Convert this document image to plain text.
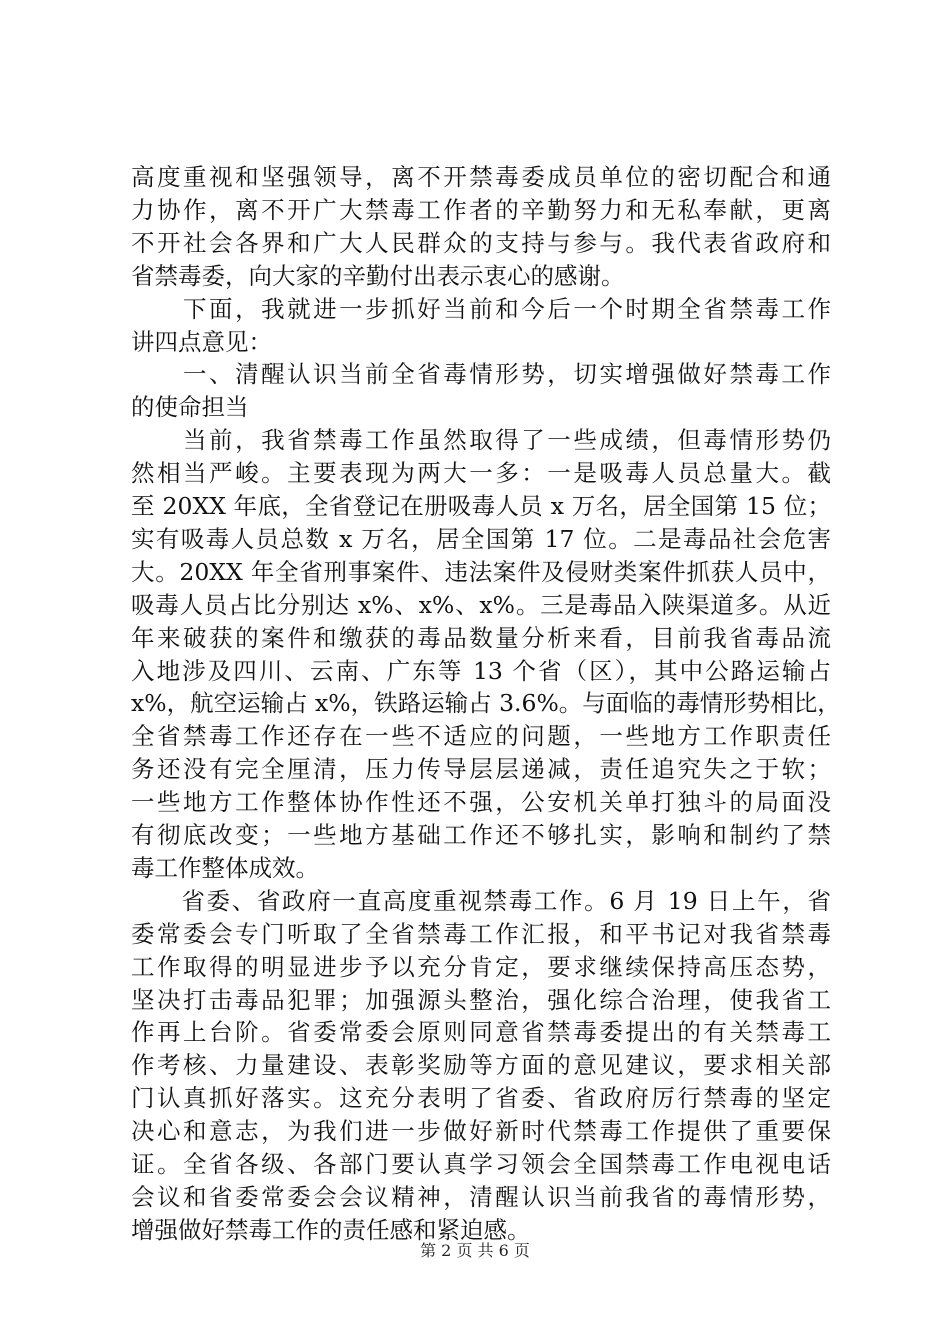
高度重视和坚强领导，离不开禁毒委成员单位的密切配合和通
力协作，离不开广大禁毒工作者的辛勤努力和无私奉献，更离
不开社会各界和广大人民群众的支持与参与。我代表省政府和
省禁毒委，向大家的辛勤付出表示衷心的感谢。
　　下面，我就进一步抓好当前和今后一个时期全省禁毒工作
讲四点意见：
　　一、清醒认识当前全省毒情形势，切实增强做好禁毒工作
的使命担当
　　当前，我省禁毒工作虽然取得了一些成绩，但毒情形势仍
然相当严峻。主要表现为两大一多：一是吸毒人员总量大。截
至 20XX 年底，全省登记在册吸毒人员 x 万名，居全国第 15 位；
实有吸毒人员总数 x 万名，居全国第 17 位。二是毒品社会危害
大。20XX 年全省刑事案件、违法案件及侵财类案件抓获人员中，
吸毒人员占比分别达 x%、x%、x%。三是毒品入陕渠道多。从近
年来破获的案件和缴获的毒品数量分析来看，目前我省毒品流
入地涉及四川、云南、广东等 13 个省（区），其中公路运输占
x%，航空运输占 x%，铁路运输占 3.6%。与面临的毒情形势相比，
全省禁毒工作还存在一些不适应的问题，一些地方工作职责任
务还没有完全厘清，压力传导层层递减，责任追究失之于软；
一些地方工作整体协作性还不强，公安机关单打独斗的局面没
有彻底改变；一些地方基础工作还不够扎实，影响和制约了禁
毒工作整体成效。
　　省委、省政府一直高度重视禁毒工作。6 月 19 日上午，省
委常委会专门听取了全省禁毒工作汇报，和平书记对我省禁毒
工作取得的明显进步予以充分肯定，要求继续保持高压态势，
坚决打击毒品犯罪；加强源头整治，强化综合治理，使我省工
作再上台阶。省委常委会原则同意省禁毒委提出的有关禁毒工
作考核、力量建设、表彰奖励等方面的意见建议，要求相关部
门认真抓好落实。这充分表明了省委、省政府厉行禁毒的坚定
决心和意志，为我们进一步做好新时代禁毒工作提供了重要保
证。全省各级、各部门要认真学习领会全国禁毒工作电视电话
会议和省委常委会会议精神，清醒认识当前我省的毒情形势，
增强做好禁毒工作的责任感和紧迫感。
第 2 页 共 6 页
